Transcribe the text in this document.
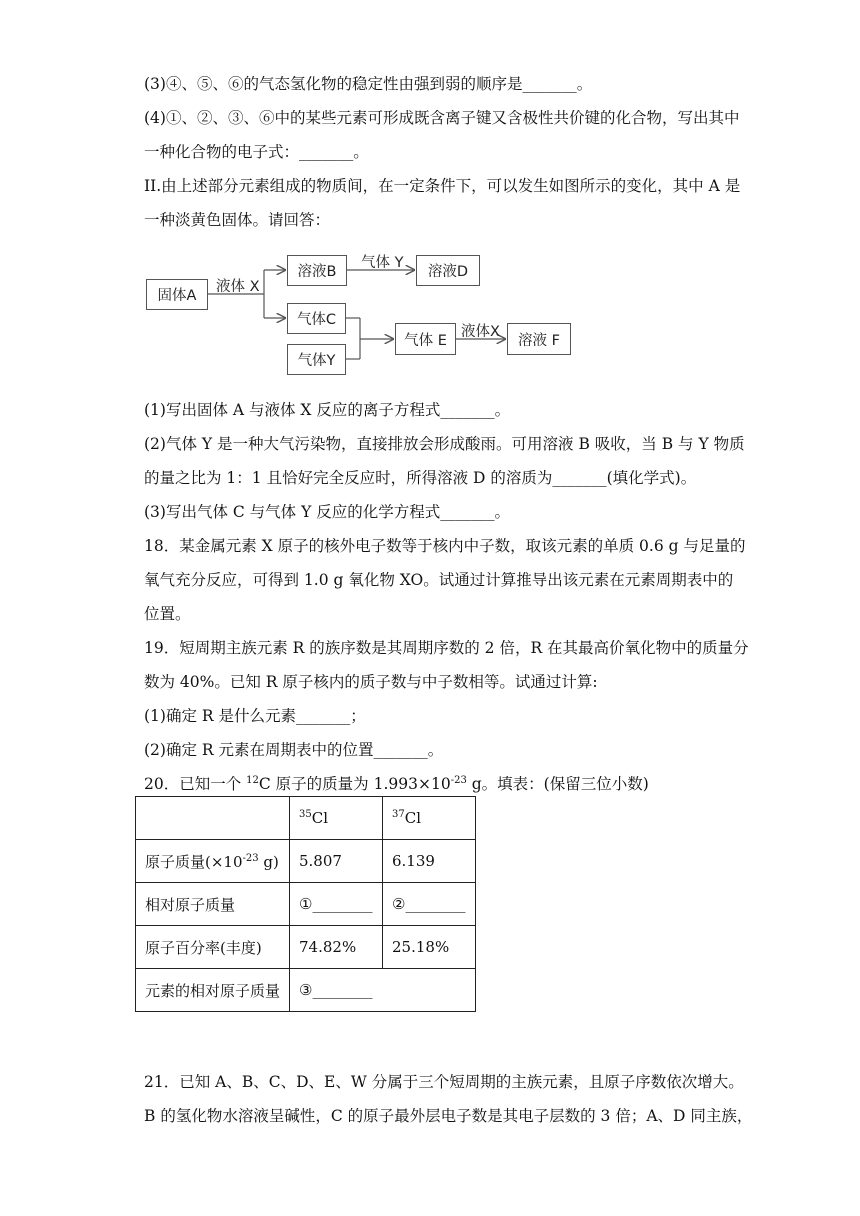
(3)④、⑤、⑥的气态氢化物的稳定性由强到弱的顺序是_______。
(4)①、②、③、⑥中的某些元素可形成既含离子键又含极性共价键的化合物，写出其中
一种化合物的电子式：_______。
II.由上述部分元素组成的物质间，在一定条件下，可以发生如图所示的变化，其中 A 是
一种淡黄色固体。请回答：
固体A
液体 X
溶液B
气体 Y
溶液D
气体C
气体Y
气体 E
液体X
溶液 F
(1)写出固体 A 与液体 X 反应的离子方程式_______。
(2)气体 Y 是一种大气污染物，直接排放会形成酸雨。可用溶液 B 吸收，当 B 与 Y 物质
的量之比为 1：1 且恰好完全反应时，所得溶液 D 的溶质为_______(填化学式)。
(3)写出气体 C 与气体 Y 反应的化学方程式_______。
18．某金属元素 X 原子的核外电子数等于核内中子数，取该元素的单质 0.6 g 与足量的
氧气充分反应，可得到 1.0 g 氧化物 XO。试通过计算推导出该元素在元素周期表中的
位置。
19．短周期主族元素 R 的族序数是其周期序数的 2 倍，R 在其最高价氧化物中的质量分
数为 40%。已知 R 原子核内的质子数与中子数相等。试通过计算:
(1)确定 R 是什么元素_______；
(2)确定 R 元素在周期表中的位置_______。
20．已知一个 $^{12}$C 原子的质量为 $1.993\times 10^{-23}$ g。填表：(保留三位小数)
	$^{35}$Cl	$^{37}$Cl
原子质量($\times 10^{-23}$ g)	5.807	6.139
相对原子质量	①________	②________
原子百分率(丰度)	74.82%	25.18%
元素的相对原子质量	③________	
21．已知 A、B、C、D、E、W 分属于三个短周期的主族元素，且原子序数依次增大。
B 的氢化物水溶液呈碱性，C 的原子最外层电子数是其电子层数的 3 倍；A、D 同主族，
